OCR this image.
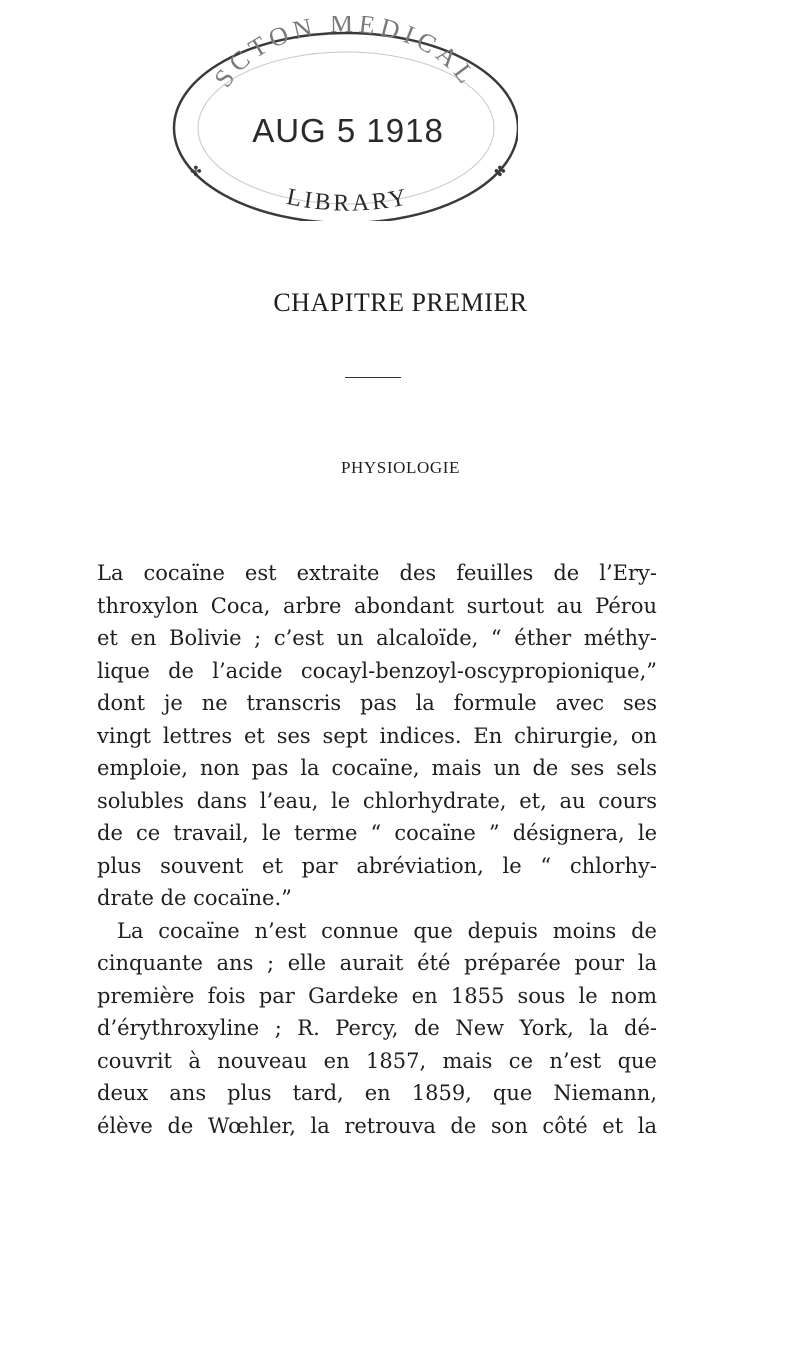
SCTON MEDICAL
AUG 5 1918
LIBRARY
✤	✤
CHAPITRE PREMIER
PHYSIOLOGIE
La cocaïne est extraite des feuilles de l’Ery-
throxylon Coca, arbre abondant surtout au Pérou
et en Bolivie ; c’est un alcaloïde, “ éther méthy-
lique de l’acide cocayl-benzoyl-oscypropionique,”
dont je ne transcris pas la formule avec ses
vingt lettres et ses sept indices. En chirurgie, on
emploie, non pas la cocaïne, mais un de ses sels
solubles dans l’eau, le chlorhydrate, et, au cours
de ce travail, le terme “ cocaïne ” désignera, le
plus souvent et par abréviation, le “ chlorhy-
drate de cocaïne.”
La cocaïne n’est connue que depuis moins de
cinquante ans ; elle aurait été préparée pour la
première fois par Gardeke en 1855 sous le nom
d’érythroxyline ; R. Percy, de New York, la dé-
couvrit à nouveau en 1857, mais ce n’est que
deux ans plus tard, en 1859, que Niemann,
élève de Wœhler, la retrouva de son côté et la
